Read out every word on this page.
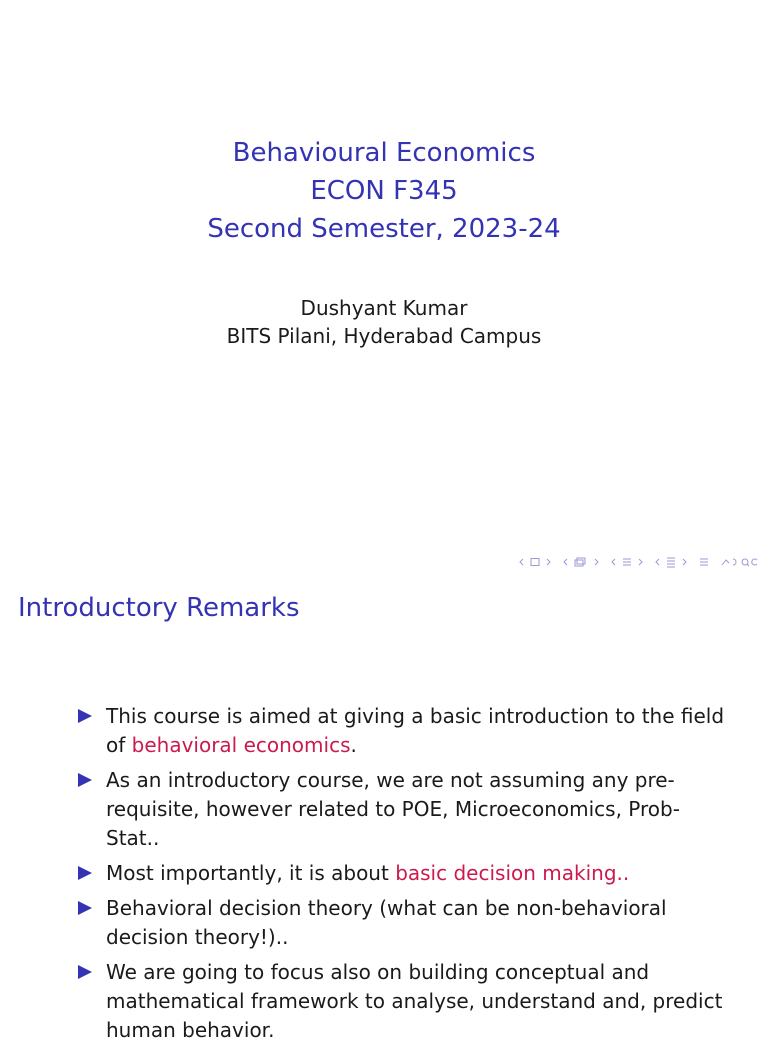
Behavioural Economics
ECON F345
Second Semester, 2023-24
Dushyant Kumar
BITS Pilani, Hyderabad Campus
Introductory Remarks
This course is aimed at giving a basic introduction to the field of behavioral economics.
As an introductory course, we are not assuming any pre-requisite, however related to POE, Microeconomics, Prob-Stat..
Most importantly, it is about basic decision making..
Behavioral decision theory (what can be non-behavioral decision theory!)..
We are going to focus also on building conceptual and mathematical framework to analyse, understand and, predict human behavior.
